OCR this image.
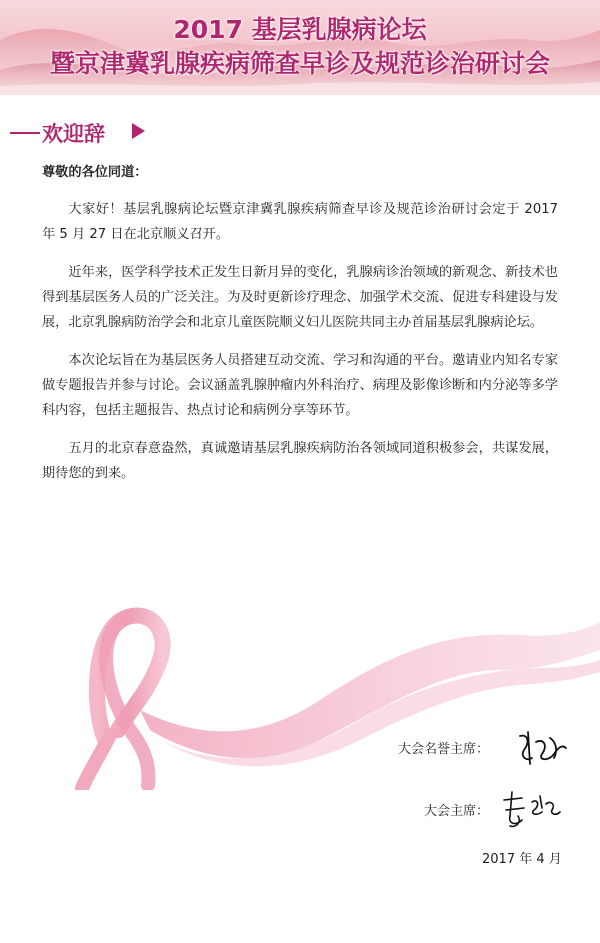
2017 基层乳腺病论坛
暨京津冀乳腺疾病筛查早诊及规范诊治研讨会
欢迎辞

尊敬的各位同道：

大家好！基层乳腺病论坛暨京津冀乳腺疾病筛查早诊及规范诊治研讨会定于 2017 年 5 月 27 日在北京顺义召开。

近年来，医学科学技术正发生日新月异的变化，乳腺病诊治领域的新观念、新技术也得到基层医务人员的广泛关注。为及时更新诊疗理念、加强学术交流、促进专科建设与发展，北京乳腺病防治学会和北京儿童医院顺义妇儿医院共同主办首届基层乳腺病论坛。

本次论坛旨在为基层医务人员搭建互动交流、学习和沟通的平台。邀请业内知名专家做专题报告并参与讨论。会议涵盖乳腺肿瘤内外科治疗、病理及影像诊断和内分泌等多学科内容，包括主题报告、热点讨论和病例分享等环节。

五月的北京春意盎然，真诚邀请基层乳腺疾病防治各领域同道积极参会，共谋发展，期待您的到来。

大会名誉主席：
大会主席：
2017 年 4 月
